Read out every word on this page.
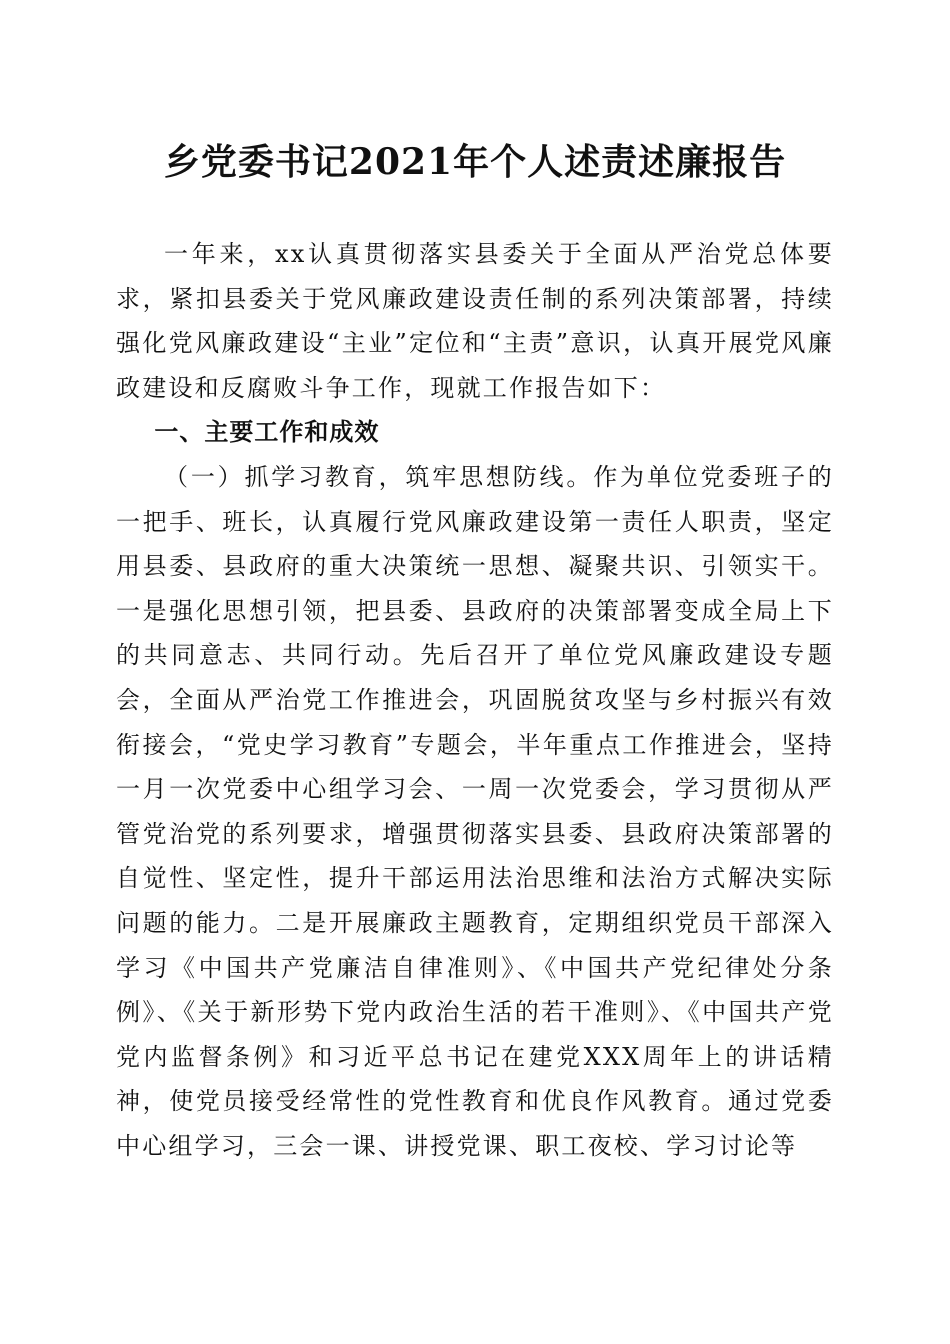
乡党委书记2021年个人述责述廉报告

一年来，xx认真贯彻落实县委关于全面从严治党总体要求，紧扣县委关于党风廉政建设责任制的系列决策部署，持续强化党风廉政建设“主业”定位和“主责”意识，认真开展党风廉政建设和反腐败斗争工作，现就工作报告如下：

一、主要工作和成效

（一）抓学习教育，筑牢思想防线。作为单位党委班子的一把手、班长，认真履行党风廉政建设第一责任人职责，坚定用县委、县政府的重大决策统一思想、凝聚共识、引领实干。一是强化思想引领，把县委、县政府的决策部署变成全局上下的共同意志、共同行动。先后召开了单位党风廉政建设专题会，全面从严治党工作推进会，巩固脱贫攻坚与乡村振兴有效衔接会，“党史学习教育”专题会，半年重点工作推进会，坚持一月一次党委中心组学习会、一周一次党委会，学习贯彻从严管党治党的系列要求，增强贯彻落实县委、县政府决策部署的自觉性、坚定性，提升干部运用法治思维和法治方式解决实际问题的能力。二是开展廉政主题教育，定期组织党员干部深入学习《中国共产党廉洁自律准则》、《中国共产党纪律处分条例》、《关于新形势下党内政治生活的若干准则》、《中国共产党党内监督条例》和习近平总书记在建党XXX周年上的讲话精神，使党员接受经常性的党性教育和优良作风教育。通过党委中心组学习，三会一课、讲授党课、职工夜校、学习讨论等
